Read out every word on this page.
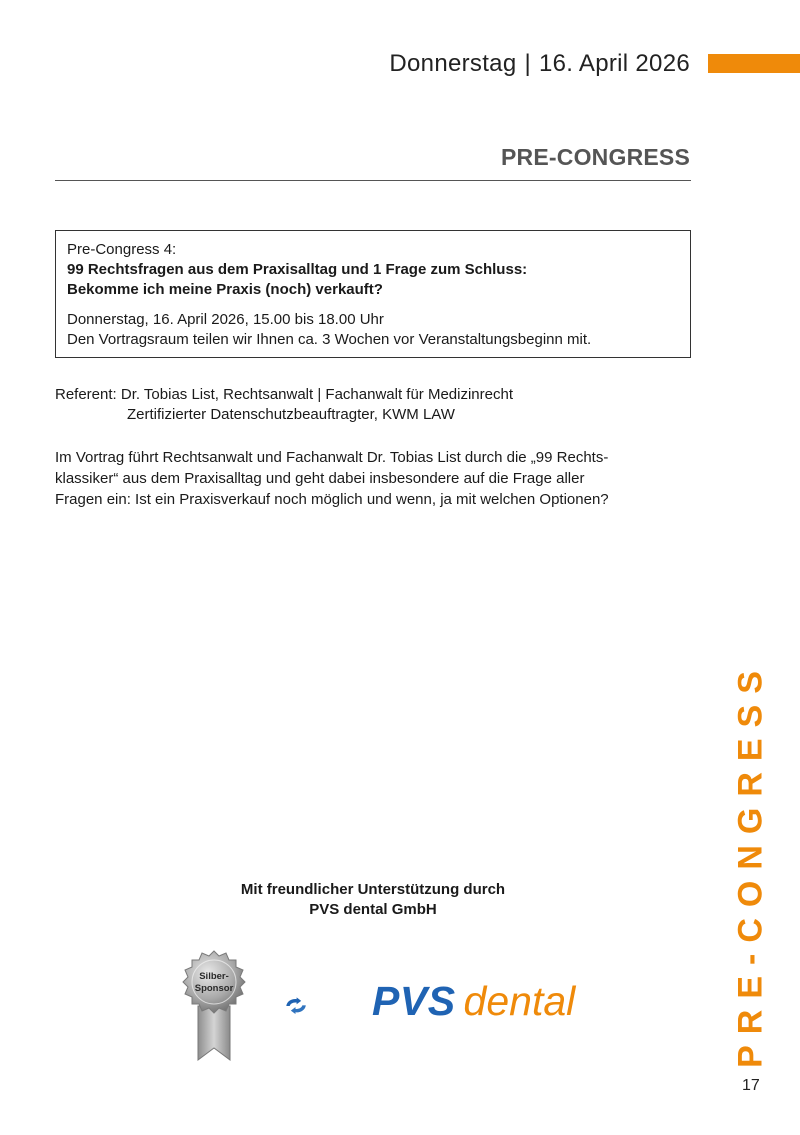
Donnerstag | 16. April 2026
PRE-CONGRESS
Pre-Congress 4:
99 Rechtsfragen aus dem Praxisalltag und 1 Frage zum Schluss:
Bekomme ich meine Praxis (noch) verkauft?
Donnerstag, 16. April 2026, 15.00 bis 18.00 Uhr
Den Vortragsraum teilen wir Ihnen ca. 3 Wochen vor Veranstaltungsbeginn mit.
Referent: Dr. Tobias List, Rechtsanwalt | Fachanwalt für Medizinrecht
Zertifizierter Datenschutzbeauftragter, KWM LAW
Im Vortrag führt Rechtsanwalt und Fachanwalt Dr. Tobias List durch die „99 Rechts-
klassiker“ aus dem Praxisalltag und geht dabei insbesondere auf die Frage aller
Fragen ein: Ist ein Praxisverkauf noch möglich und wenn, ja mit welchen Optionen?
Mit freundlicher Unterstützung durch
PVS dental GmbH
Silber-
Sponsor	PVS dental	PRE-CONGRESS
17
